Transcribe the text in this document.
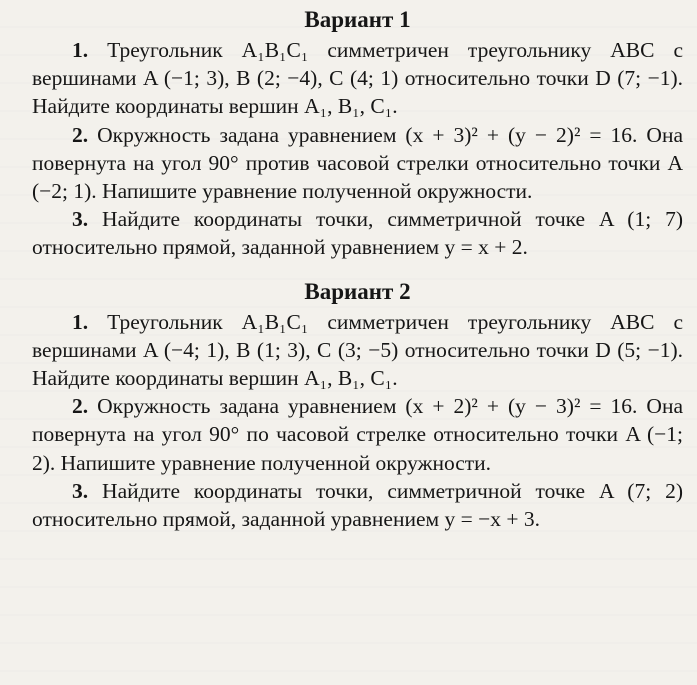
Вариант 1

1. Треугольник A₁B₁C₁ симметричен треугольнику ABC с вершинами A (−1; 3), B (2; −4), C (4; 1) относительно точки D (7; −1). Найдите координаты вершин A₁, B₁, C₁.

2. Окружность задана уравнением (x + 3)² + (y − 2)² = 16. Она повернута на угол 90° против часовой стрелки относительно точки A (−2; 1). Напишите уравнение полученной окружности.

3. Найдите координаты точки, симметричной точке A (1; 7) относительно прямой, заданной уравнением y = x + 2.

Вариант 2

1. Треугольник A₁B₁C₁ симметричен треугольнику ABC с вершинами A (−4; 1), B (1; 3), C (3; −5) относительно точки D (5; −1). Найдите координаты вершин A₁, B₁, C₁.

2. Окружность задана уравнением (x + 2)² + (y − 3)² = 16. Она повернута на угол 90° по часовой стрелке относительно точки A (−1; 2). Напишите уравнение полученной окружности.

3. Найдите координаты точки, симметричной точке A (7; 2) относительно прямой, заданной уравнением y = −x + 3.
